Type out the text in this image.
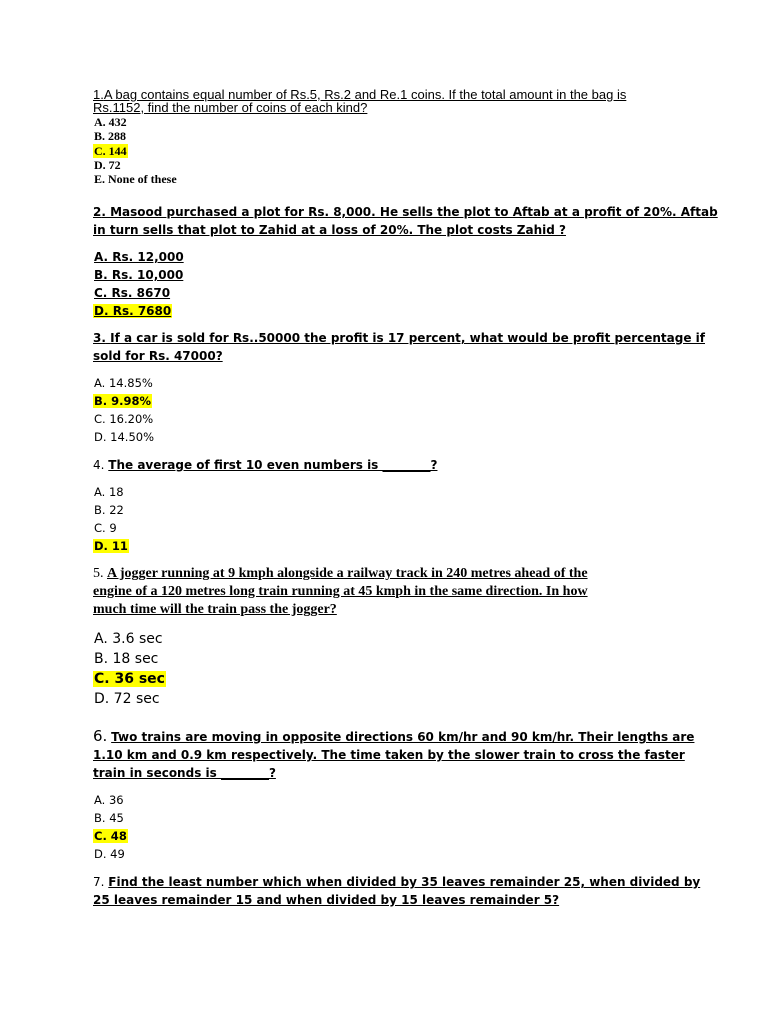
1.A bag contains equal number of Rs.5, Rs.2 and Re.1 coins. If the total amount in the bag is
Rs.1152, find the number of coins of each kind?
A. 432
B. 288
C. 144
D. 72
E. None of these
2. Masood purchased a plot for Rs. 8,000. He sells the plot to Aftab at a profit of 20%. Aftab
in turn sells that plot to Zahid at a loss of 20%. The plot costs Zahid ?
A. Rs. 12,000
B. Rs. 10,000
C. Rs. 8670
D. Rs. 7680
3. If a car is sold for Rs..50000 the profit is 17 percent, what would be profit percentage if
sold for Rs. 47000?
A. 14.85%
B. 9.98%
C. 16.20%
D. 14.50%
4. The average of first 10 even numbers is ________?
A. 18
B. 22
C. 9
D. 11
5. A jogger running at 9 kmph alongside a railway track in 240 metres ahead of the
engine of a 120 metres long train running at 45 kmph in the same direction. In how
much time will the train pass the jogger?
A. 3.6 sec
B. 18 sec
C. 36 sec
D. 72 sec
6. Two trains are moving in opposite directions 60 km/hr and 90 km/hr. Their lengths are
1.10 km and 0.9 km respectively. The time taken by the slower train to cross the faster
train in seconds is ________?
A. 36
B. 45
C. 48
D. 49
7. Find the least number which when divided by 35 leaves remainder 25, when divided by
25 leaves remainder 15 and when divided by 15 leaves remainder 5?
